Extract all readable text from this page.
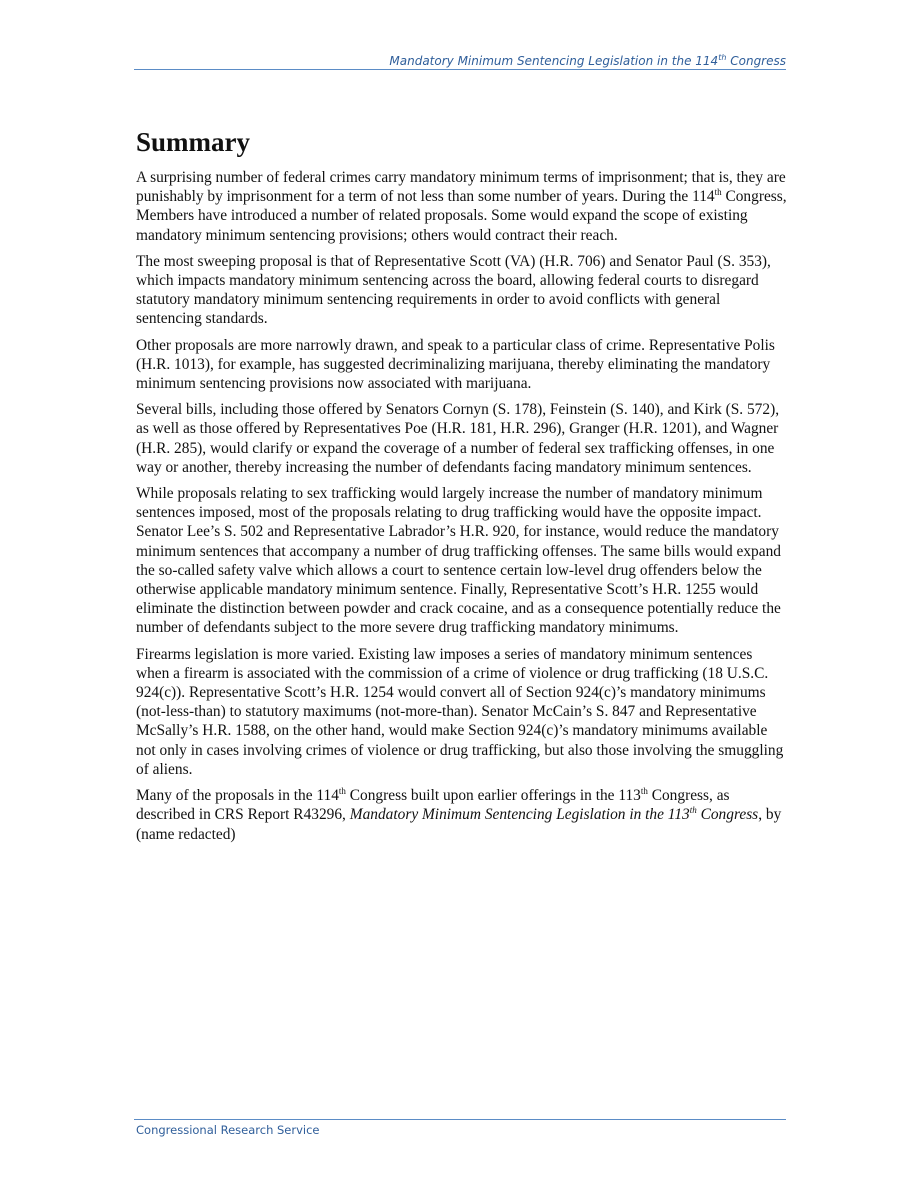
Mandatory Minimum Sentencing Legislation in the 114th Congress
Summary

A surprising number of federal crimes carry mandatory minimum terms of imprisonment; that is, they are punishably by imprisonment for a term of not less than some number of years. During the 114th Congress, Members have introduced a number of related proposals. Some would expand the scope of existing mandatory minimum sentencing provisions; others would contract their reach.

The most sweeping proposal is that of Representative Scott (VA) (H.R. 706) and Senator Paul (S. 353), which impacts mandatory minimum sentencing across the board, allowing federal courts to disregard statutory mandatory minimum sentencing requirements in order to avoid conflicts with general sentencing standards.

Other proposals are more narrowly drawn, and speak to a particular class of crime. Representative Polis (H.R. 1013), for example, has suggested decriminalizing marijuana, thereby eliminating the mandatory minimum sentencing provisions now associated with marijuana.

Several bills, including those offered by Senators Cornyn (S. 178), Feinstein (S. 140), and Kirk (S. 572), as well as those offered by Representatives Poe (H.R. 181, H.R. 296), Granger (H.R. 1201), and Wagner (H.R. 285), would clarify or expand the coverage of a number of federal sex trafficking offenses, in one way or another, thereby increasing the number of defendants facing mandatory minimum sentences.

While proposals relating to sex trafficking would largely increase the number of mandatory minimum sentences imposed, most of the proposals relating to drug trafficking would have the opposite impact. Senator Lee’s S. 502 and Representative Labrador’s H.R. 920, for instance, would reduce the mandatory minimum sentences that accompany a number of drug trafficking offenses. The same bills would expand the so-called safety valve which allows a court to sentence certain low-level drug offenders below the otherwise applicable mandatory minimum sentence. Finally, Representative Scott’s H.R. 1255 would eliminate the distinction between powder and crack cocaine, and as a consequence potentially reduce the number of defendants subject to the more severe drug trafficking mandatory minimums.

Firearms legislation is more varied. Existing law imposes a series of mandatory minimum sentences when a firearm is associated with the commission of a crime of violence or drug trafficking (18 U.S.C. 924(c)). Representative Scott’s H.R. 1254 would convert all of Section 924(c)’s mandatory minimums (not-less-than) to statutory maximums (not-more-than). Senator McCain’s S. 847 and Representative McSally’s H.R. 1588, on the other hand, would make Section 924(c)’s mandatory minimums available not only in cases involving crimes of violence or drug trafficking, but also those involving the smuggling of aliens.

Many of the proposals in the 114th Congress built upon earlier offerings in the 113th Congress, as described in CRS Report R43296, Mandatory Minimum Sentencing Legislation in the 113th Congress, by (name redacted)

Congressional Research Service
